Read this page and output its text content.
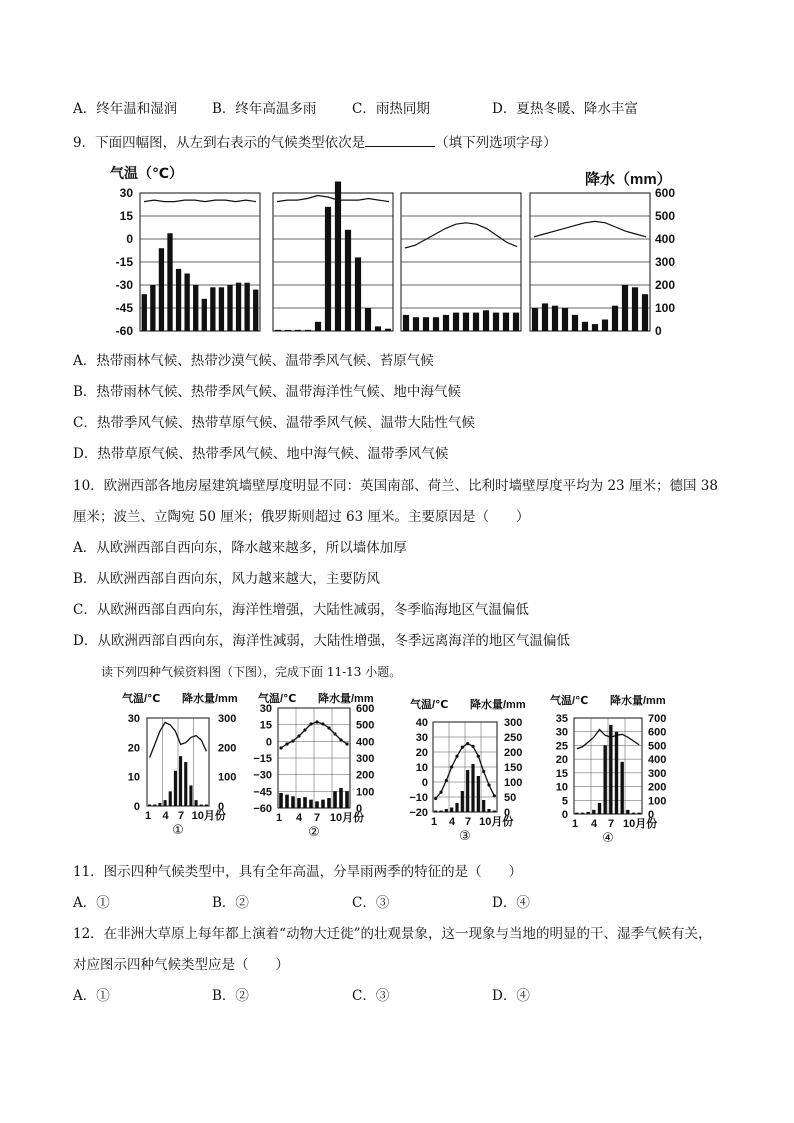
A．终年温和湿润	B．终年高温多雨	C．雨热同期	D．夏热冬暖、降水丰富
9．下面四幅图，从左到右表示的气候类型依次是	（填下列选项字母）
气温（℃）	降水（mm）
30
15
0
-15
-30
-45
-60
600
500
400
300
200
100
0
A．热带雨林气候、热带沙漠气候、温带季风气候、苔原气候
B．热带雨林气候、热带季风气候、温带海洋性气候、地中海气候
C．热带季风气候、热带草原气候、温带季风气候、温带大陆性气候
D．热带草原气候、热带季风气候、地中海气候、温带季风气候
10．欧洲西部各地房屋建筑墙壁厚度明显不同：英国南部、荷兰、比利时墙壁厚度平均为 23 厘米；德国 38
厘米；波兰、立陶宛 50 厘米；俄罗斯则超过 63 厘米。主要原因是（　　）
A．从欧洲西部自西向东，降水越来越多，所以墙体加厚
B．从欧洲西部自西向东，风力越来越大，主要防风
C．从欧洲西部自西向东，海洋性增强，大陆性减弱，冬季临海地区气温偏低
D．从欧洲西部自西向东，海洋性减弱，大陆性增强，冬季远离海洋的地区气温偏低
读下列四种气候资料图（下图），完成下面 11-13 小题。
气温/℃ 降水量/mm
30
20
10
0
300
200
100
0
1 4 7 10月份
①
气温/℃ 降水量/mm
30
15
0
−15
−30
−45
−60
600
500
400
300
200
100
0
1 4 7 10月份
②
气温/℃ 降水量/mm
40
30
20
10
0
−10
−20
300
250
200
150
100
50
0
1 4 7 10月份
③
气温/℃ 降水量/mm
35
30
25
20
15
10
5
0
700
600
500
400
300
200
100
0
1 4 7 10月份
④
11．图示四种气候类型中，具有全年高温，分旱雨两季的特征的是（　　）
A．①	B．②	C．③	D．④
12．在非洲大草原上每年都上演着“动物大迁徙”的壮观景象，这一现象与当地的明显的干、湿季气候有关，
对应图示四种气候类型应是（　　）
A．①	B．②	C．③	D．④
